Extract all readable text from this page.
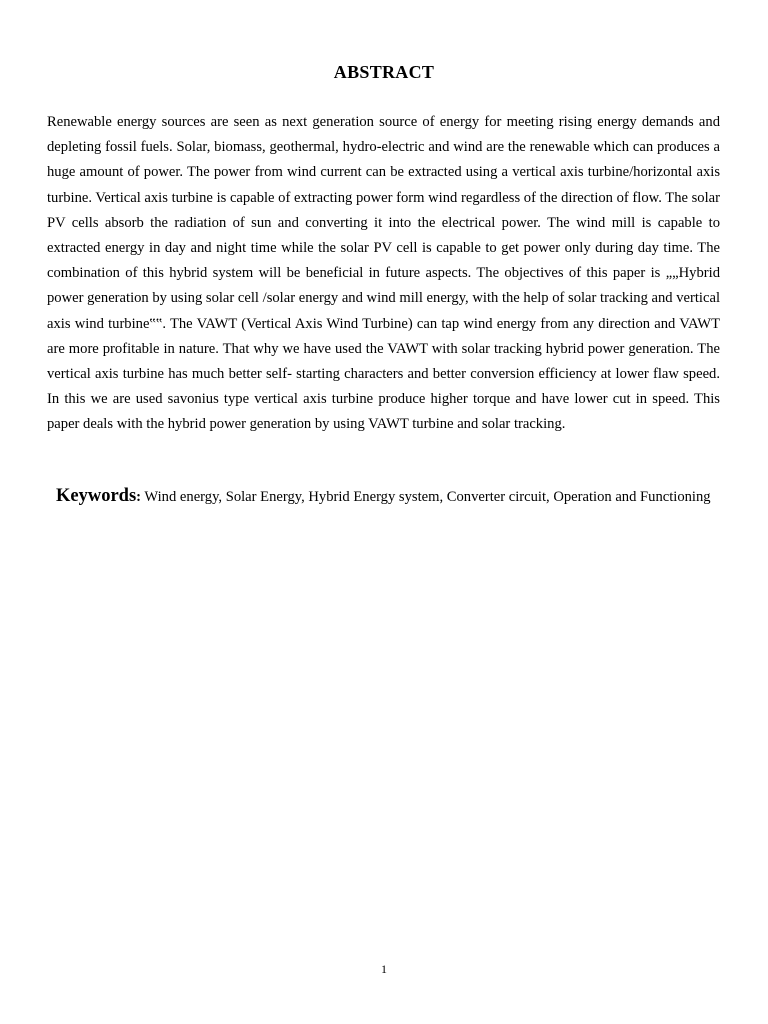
ABSTRACT

Renewable energy sources are seen as next generation source of energy for meeting rising energy demands and depleting fossil fuels. Solar, biomass, geothermal, hydro-electric and wind are the renewable which can produces a huge amount of power. The power from wind current can be extracted using a vertical axis turbine/horizontal axis turbine. Vertical axis turbine is capable of extracting power form wind regardless of the direction of flow. The solar PV cells absorb the radiation of sun and converting it into the electrical power. The wind mill is capable to extracted energy in day and night time while the solar PV cell is capable to get power only during day time. The combination of this hybrid system will be beneficial in future aspects. The objectives of this paper is „„Hybrid power generation by using solar cell /solar energy and wind mill energy, with the help of solar tracking and vertical axis wind turbine‟‟. The VAWT (Vertical Axis Wind Turbine) can tap wind energy from any direction and VAWT are more profitable in nature. That why we have used the VAWT with solar tracking hybrid power generation. The vertical axis turbine has much better self- starting characters and better conversion efficiency at lower flaw speed. In this we are used savonius type vertical axis turbine produce higher torque and have lower cut in speed. This paper deals with the hybrid power generation by using VAWT turbine and solar tracking.

Keywords: Wind energy, Solar Energy, Hybrid Energy system, Converter circuit, Operation and Functioning

1
